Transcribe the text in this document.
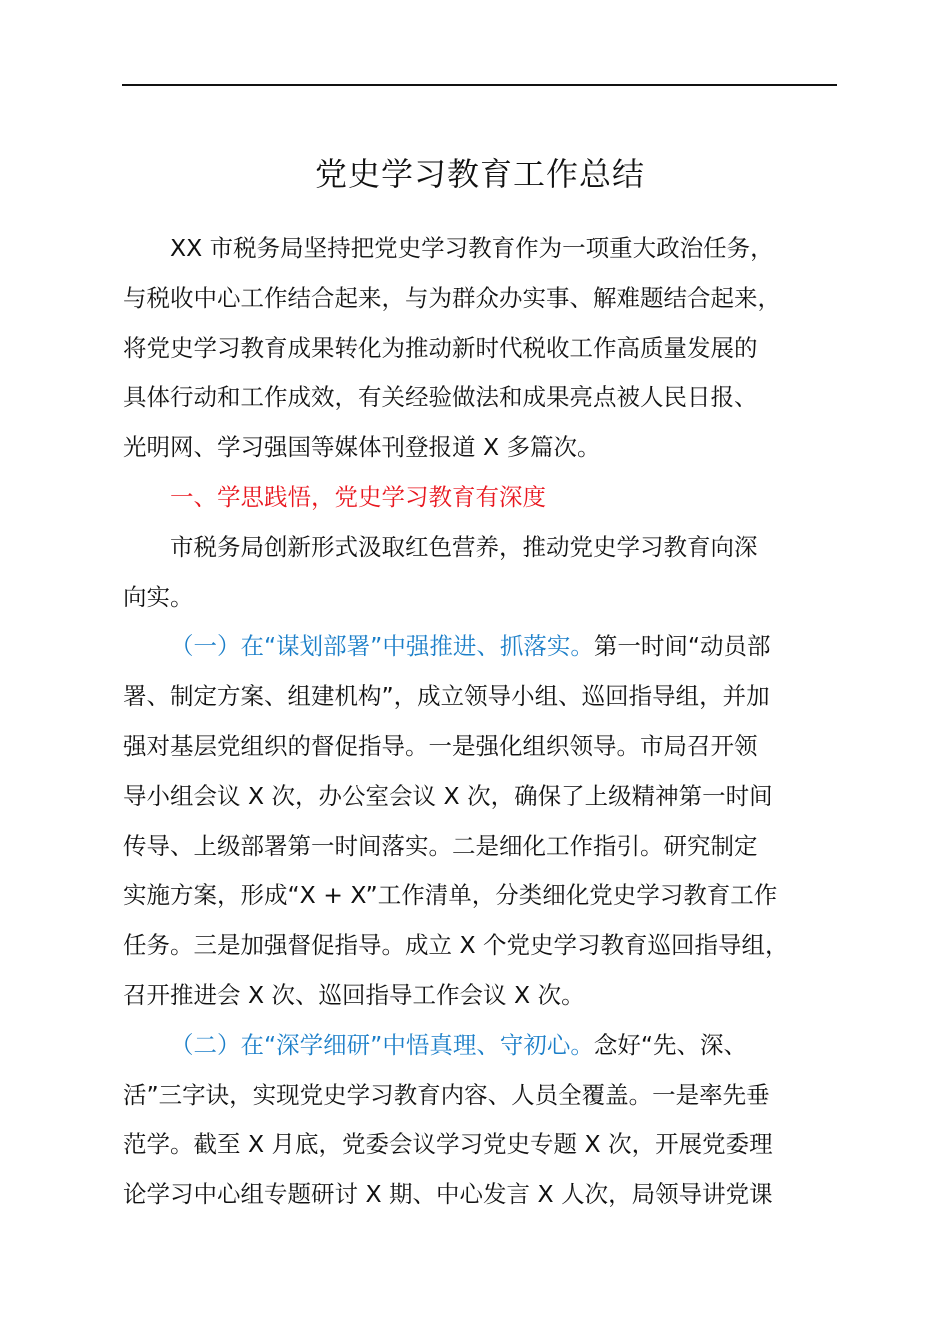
党史学习教育工作总结

XX 市税务局坚持把党史学习教育作为一项重大政治任务，
与税收中心工作结合起来，与为群众办实事、解难题结合起来，
将党史学习教育成果转化为推动新时代税收工作高质量发展的
具体行动和工作成效，有关经验做法和成果亮点被人民日报、
光明网、学习强国等媒体刊登报道 X 多篇次。

一、学思践悟，党史学习教育有深度

市税务局创新形式汲取红色营养，推动党史学习教育向深
向实。

（一）在“谋划部署”中强推进、抓落实。第一时间“动员部
署、制定方案、组建机构”，成立领导小组、巡回指导组，并加
强对基层党组织的督促指导。一是强化组织领导。市局召开领
导小组会议 X 次，办公室会议 X 次，确保了上级精神第一时间
传导、上级部署第一时间落实。二是细化工作指引。研究制定
实施方案，形成“X + X”工作清单，分类细化党史学习教育工作
任务。三是加强督促指导。成立 X 个党史学习教育巡回指导组，
召开推进会 X 次、巡回指导工作会议 X 次。

（二）在“深学细研”中悟真理、守初心。念好“先、深、
活”三字诀，实现党史学习教育内容、人员全覆盖。一是率先垂
范学。截至 X 月底，党委会议学习党史专题 X 次，开展党委理
论学习中心组专题研讨 X 期、中心发言 X 人次，局领导讲党课
